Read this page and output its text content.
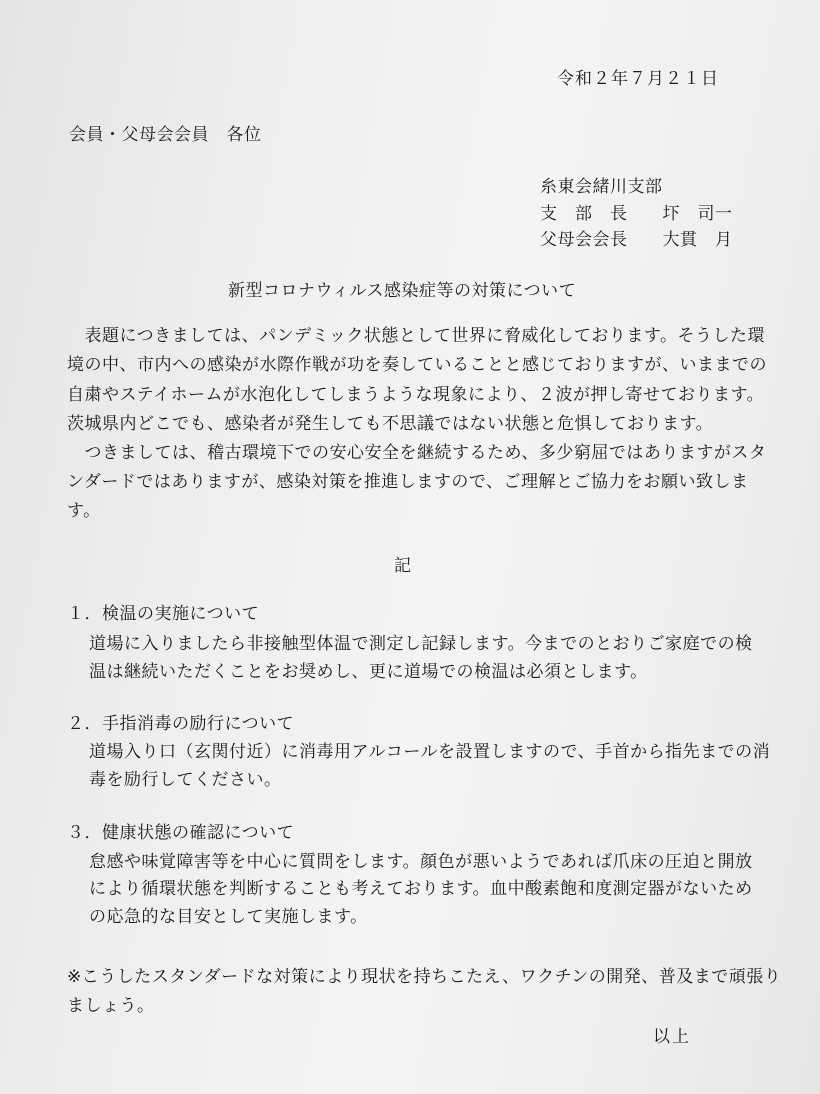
令和２年７月２１日
会員・父母会会員　各位
糸東会緒川支部
支　部　長　　圷　司一
父母会会長　　大貫　月
新型コロナウィルス感染症等の対策について
　表題につきましては、パンデミック状態として世界に脅威化しております。そうした環
境の中、市内への感染が水際作戦が功を奏していることと感じておりますが、いままでの
自粛やステイホームが水泡化してしまうような現象により、２波が押し寄せております。
茨城県内どこでも、感染者が発生しても不思議ではない状態と危惧しております。
　つきましては、稽古環境下での安心安全を継続するため、多少窮屈ではありますがスタ
ンダードではありますが、感染対策を推進しますので、ご理解とご協力をお願い致しま
す。
記
１．検温の実施について
道場に入りましたら非接触型体温で測定し記録します。今までのとおりご家庭での検
温は継続いただくことをお奨めし、更に道場での検温は必須とします。
２．手指消毒の励行について
道場入り口（玄関付近）に消毒用アルコールを設置しますので、手首から指先までの消
毒を励行してください。
３．健康状態の確認について
怠感や味覚障害等を中心に質問をします。顔色が悪いようであれば爪床の圧迫と開放
により循環状態を判断することも考えております。血中酸素飽和度測定器がないため
の応急的な目安として実施します。
※こうしたスタンダードな対策により現状を持ちこたえ、ワクチンの開発、普及まで頑張り
ましょう。
以上
